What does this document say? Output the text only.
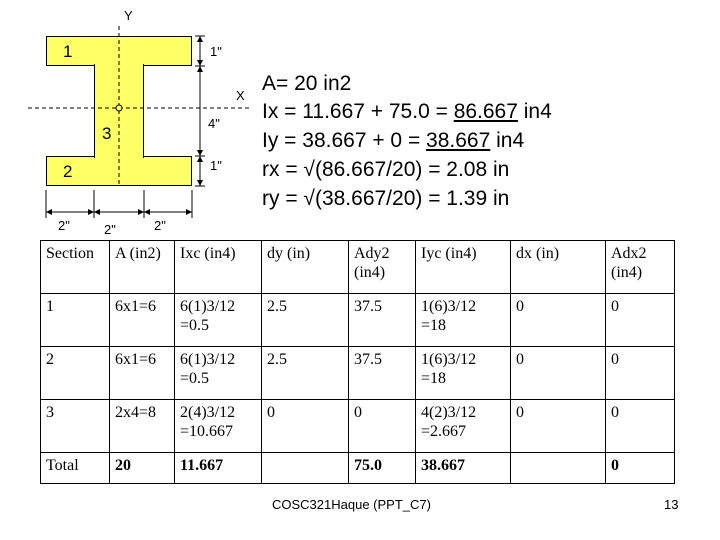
Y
X
1
3
2
1"
4"
1"
2"	2"	2"
A= 20 in2
Ix = 11.667 + 75.0 = 86.667 in4
Iy = 38.667 + 0 = 38.667 in4
rx = √(86.667/20) = 2.08 in
ry = √(38.667/20) = 1.39 in
Section	A (in2)	Ixc (in4)	dy (in)	Ady2 (in4)	Iyc (in4)	dx (in)	Adx2 (in4)
1	6x1=6	6(1)3/12 =0.5	2.5	37.5	1(6)3/12 =18	0	0
2	6x1=6	6(1)3/12 =0.5	2.5	37.5	1(6)3/12 =18	0	0
3	2x4=8	2(4)3/12 =10.667	0	0	4(2)3/12 =2.667	0	0
Total	20	11.667		75.0	38.667		0
COSC321Haque (PPT_C7)	13
